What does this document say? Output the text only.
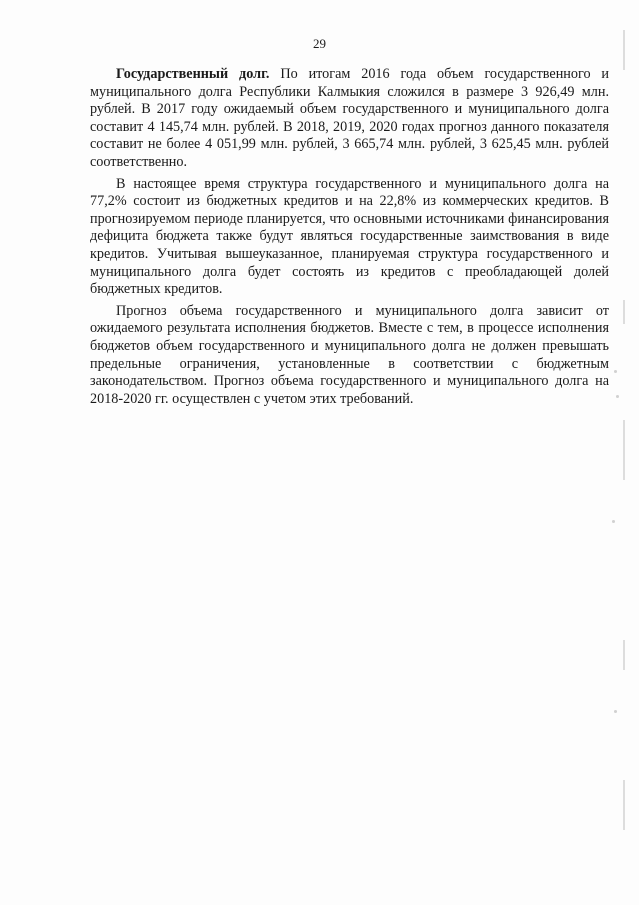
29

Государственный долг. По итогам 2016 года объем государственного и муниципального долга Республики Калмыкия сложился в размере 3 926,49 млн. рублей. В 2017 году ожидаемый объем государственного и муниципального долга составит 4 145,74 млн. рублей. В 2018, 2019, 2020 годах прогноз данного показателя составит не более 4 051,99 млн. рублей, 3 665,74 млн. рублей, 3 625,45 млн. рублей соответственно.

В настоящее время структура государственного и муниципального долга на 77,2% состоит из бюджетных кредитов и на 22,8% из коммерческих кредитов. В прогнозируемом периоде планируется, что основными источниками финансирования дефицита бюджета также будут являться государственные заимствования в виде кредитов. Учитывая вышеуказанное, планируемая структура государственного и муниципального долга будет состоять из кредитов с преобладающей долей бюджетных кредитов.

Прогноз объема государственного и муниципального долга зависит от ожидаемого результата исполнения бюджетов. Вместе с тем, в процессе исполнения бюджетов объем государственного и муниципального долга не должен превышать предельные ограничения, установленные в соответствии с бюджетным законодательством. Прогноз объема государственного и муниципального долга на 2018-2020 гг. осуществлен с учетом этих требований.
